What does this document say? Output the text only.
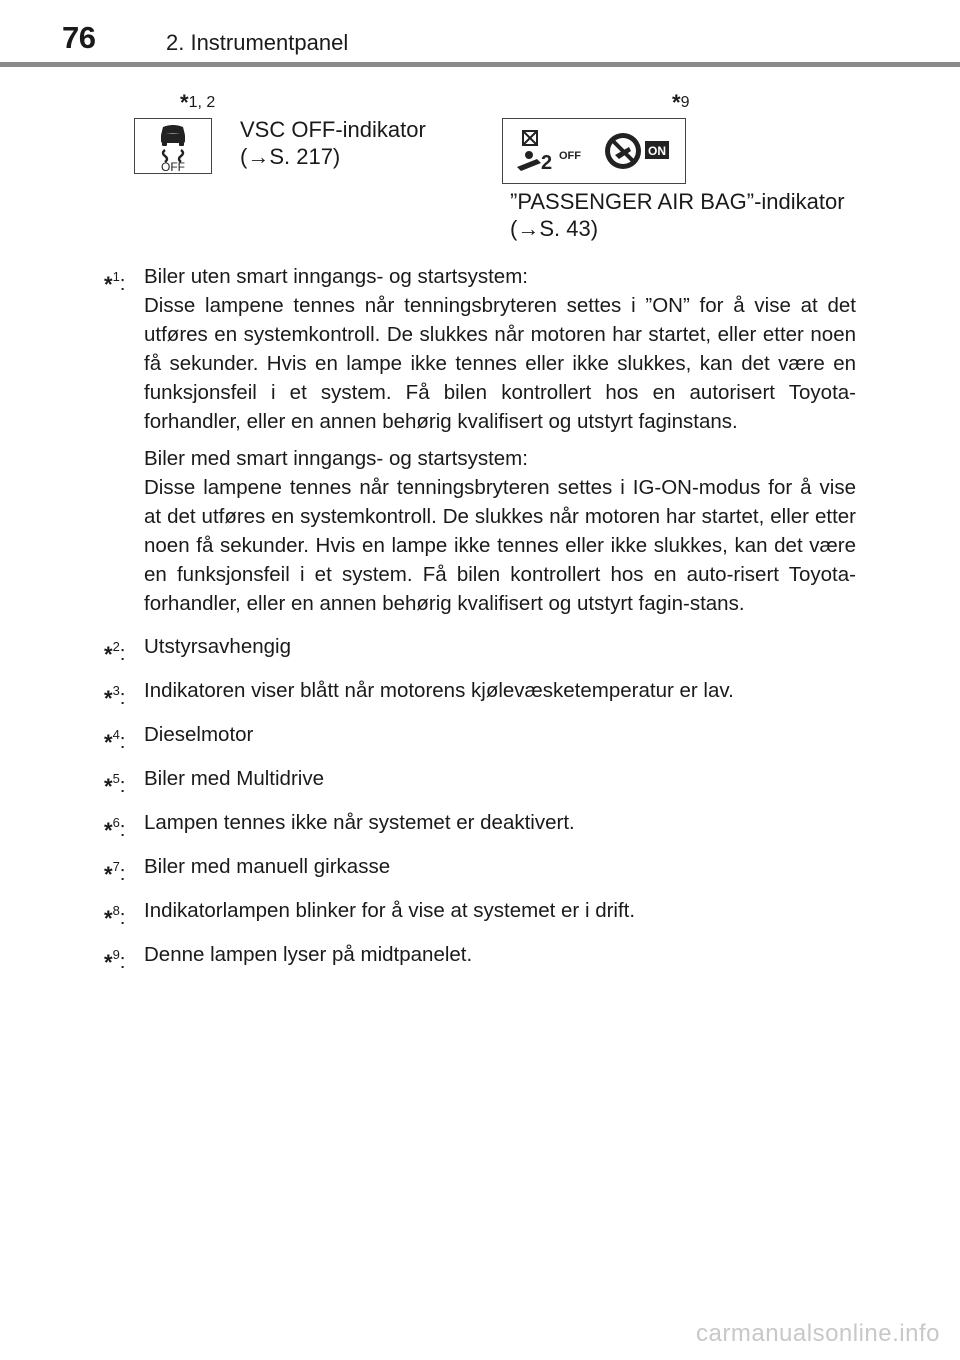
76	2. Instrumentpanel
*1, 2
OFF
VSC OFF-indikator
(→S. 217)
*9
2 OFF	ON
”PASSENGER AIR BAG”-indikator
(→S. 43)
*$^1$: Biler uten smart inngangs- og startsystem:

Disse lampene tennes når tenningsbryteren settes i ”ON” for å vise at det utføres en systemkontroll. De slukkes når motoren har startet, eller etter noen få sekunder. Hvis en lampe ikke tennes eller ikke slukkes, kan det være en funksjonsfeil i et system. Få bilen kontrollert hos en autorisert Toyota-forhandler, eller en annen behørig kvalifisert og utstyrt faginstans.

Biler med smart inngangs- og startsystem:

Disse lampene tennes når tenningsbryteren settes i IG-ON-modus for å vise at det utføres en systemkontroll. De slukkes når motoren har startet, eller etter noen få sekunder. Hvis en lampe ikke tennes eller ikke slukkes, kan det være en funksjonsfeil i et system. Få bilen kontrollert hos en auto-risert Toyota-forhandler, eller en annen behørig kvalifisert og utstyrt fagin-stans.

*$^2$: Utstyrsavhengig
*$^3$: Indikatoren viser blått når motorens kjølevæsketemperatur er lav.
*$^4$: Dieselmotor
*$^5$: Biler med Multidrive
*$^6$: Lampen tennes ikke når systemet er deaktivert.
*$^7$: Biler med manuell girkasse
*$^8$: Indikatorlampen blinker for å vise at systemet er i drift.
*$^9$: Denne lampen lyser på midtpanelet.
carmanualsonline.info
